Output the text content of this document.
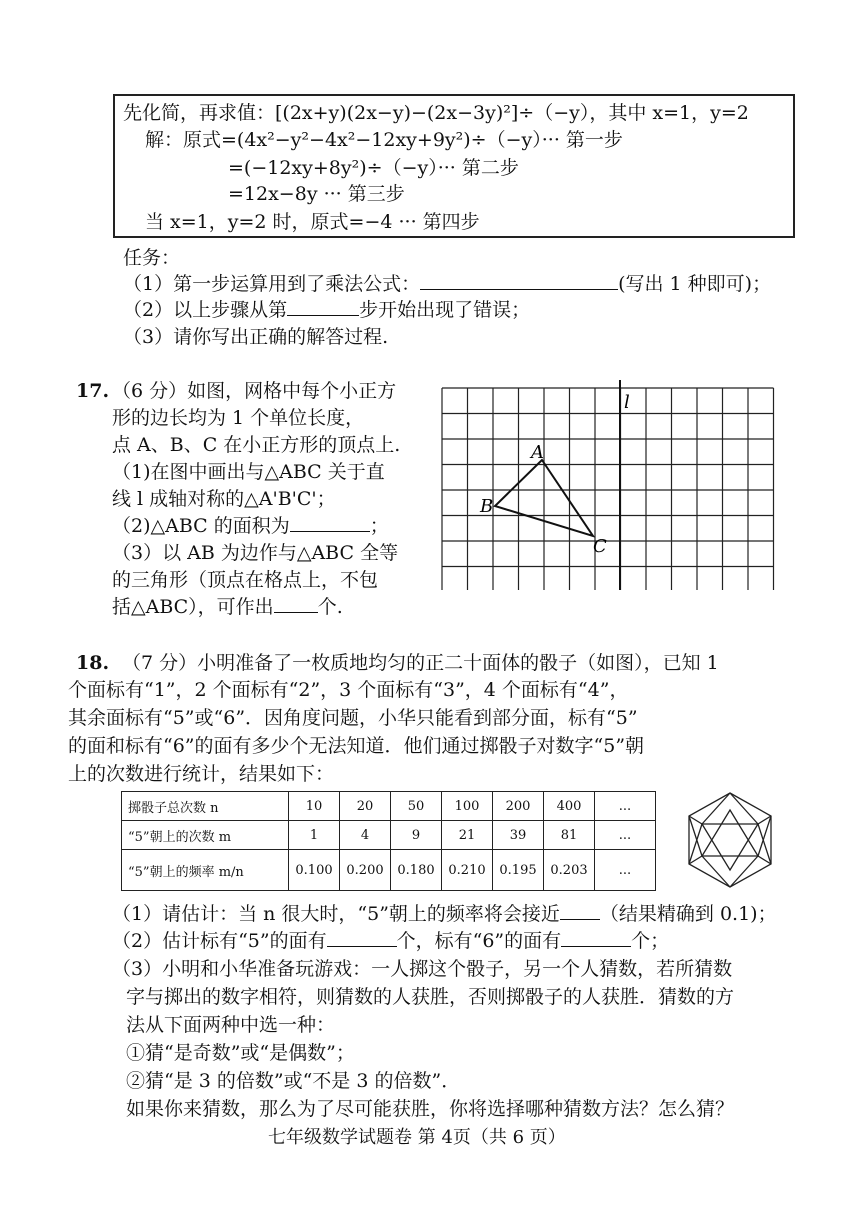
先化简，再求值：[(2x+y)(2x−y)−(2x−3y)²]÷（−y），其中 x=1，y=2
解：原式=(4x²−y²−4x²−12xy+9y²)÷（−y）··· 第一步
=(−12xy+8y²)÷（−y）··· 第二步
=12x−8y ··· 第三步
当 x=1，y=2 时，原式=−4 ··· 第四步
任务：
（1）第一步运算用到了乘法公式：	(写出 1 种即可)；
（2）以上步骤从第	步开始出现了错误；
（3）请你写出正确的解答过程.
17. （6 分）如图，网格中每个小正方
形的边长均为 1 个单位长度，
点 A、B、C 在小正方形的顶点上.
（1)在图中画出与△ABC 关于直
线 l 成轴对称的△A'B'C'；
（2)△ABC 的面积为	；
（3）以 AB 为边作与△ABC 全等
的三角形（顶点在格点上，不包
括△ABC），可作出 个.
l
A
B
C
18. （7 分）小明准备了一枚质地均匀的正二十面体的骰子（如图），已知 1
个面标有“1”，2 个面标有“2”，3 个面标有“3”，4 个面标有“4”，
其余面标有“5”或“6”．因角度问题，小华只能看到部分面，标有“5”
的面和标有“6”的面有多少个无法知道．他们通过掷骰子对数字“5”朝
上的次数进行统计，结果如下：
掷骰子总次数 n	10	20	50	100	200	400	...
“5”朝上的次数 m	1	4	9	21	39	81	...
“5”朝上的频率 m/n	0.100	0.200	0.180	0.210	0.195	0.203	...
（1）请估计：当 n 很大时，“5”朝上的频率将会接近 （结果精确到 0.1)；
（2）估计标有“5”的面有	个，标有“6”的面有	个；
（3）小明和小华准备玩游戏：一人掷这个骰子，另一个人猜数，若所猜数
字与掷出的数字相符，则猜数的人获胜，否则掷骰子的人获胜．猜数的方
法从下面两种中选一种：
①猜“是奇数”或“是偶数”；
②猜“是 3 的倍数”或“不是 3 的倍数”．
如果你来猜数，那么为了尽可能获胜，你将选择哪种猜数方法？怎么猜？
七年级数学试题卷 第 4页（共 6 页）
